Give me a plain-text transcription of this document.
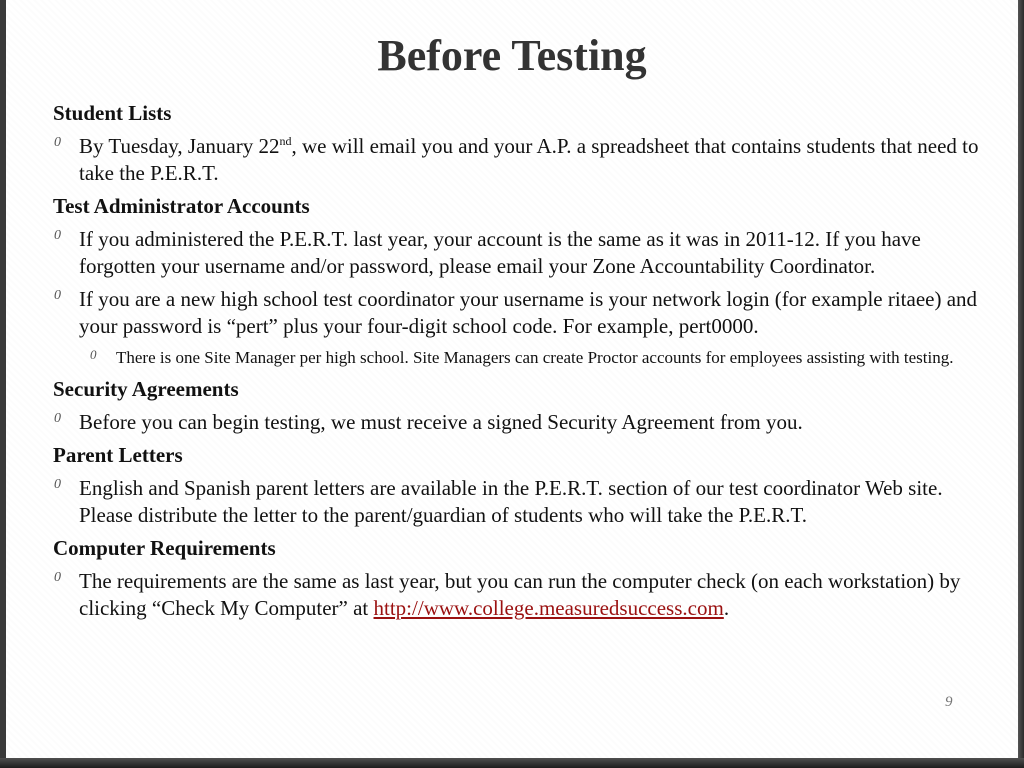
Before Testing
Student Lists
0 By Tuesday, January 22nd, we will email you and your A.P. a spreadsheet that contains students that need to take the P.E.R.T.
Test Administrator Accounts
0 If you administered the P.E.R.T. last year, your account is the same as it was in 2011-12. If you have forgotten your username and/or password, please email your Zone Accountability Coordinator.
0 If you are a new high school test coordinator your username is your network login (for example ritaee) and your password is “pert” plus your four-digit school code. For example, pert0000.
0 There is one Site Manager per high school. Site Managers can create Proctor accounts for employees assisting with testing.
Security Agreements
0 Before you can begin testing, we must receive a signed Security Agreement from you.
Parent Letters
0 English and Spanish parent letters are available in the P.E.R.T. section of our test coordinator Web site. Please distribute the letter to the parent/guardian of students who will take the P.E.R.T.
Computer Requirements
0 The requirements are the same as last year, but you can run the computer check (on each workstation) by clicking “Check My Computer” at http://www.college.measuredsuccess.com.
9
